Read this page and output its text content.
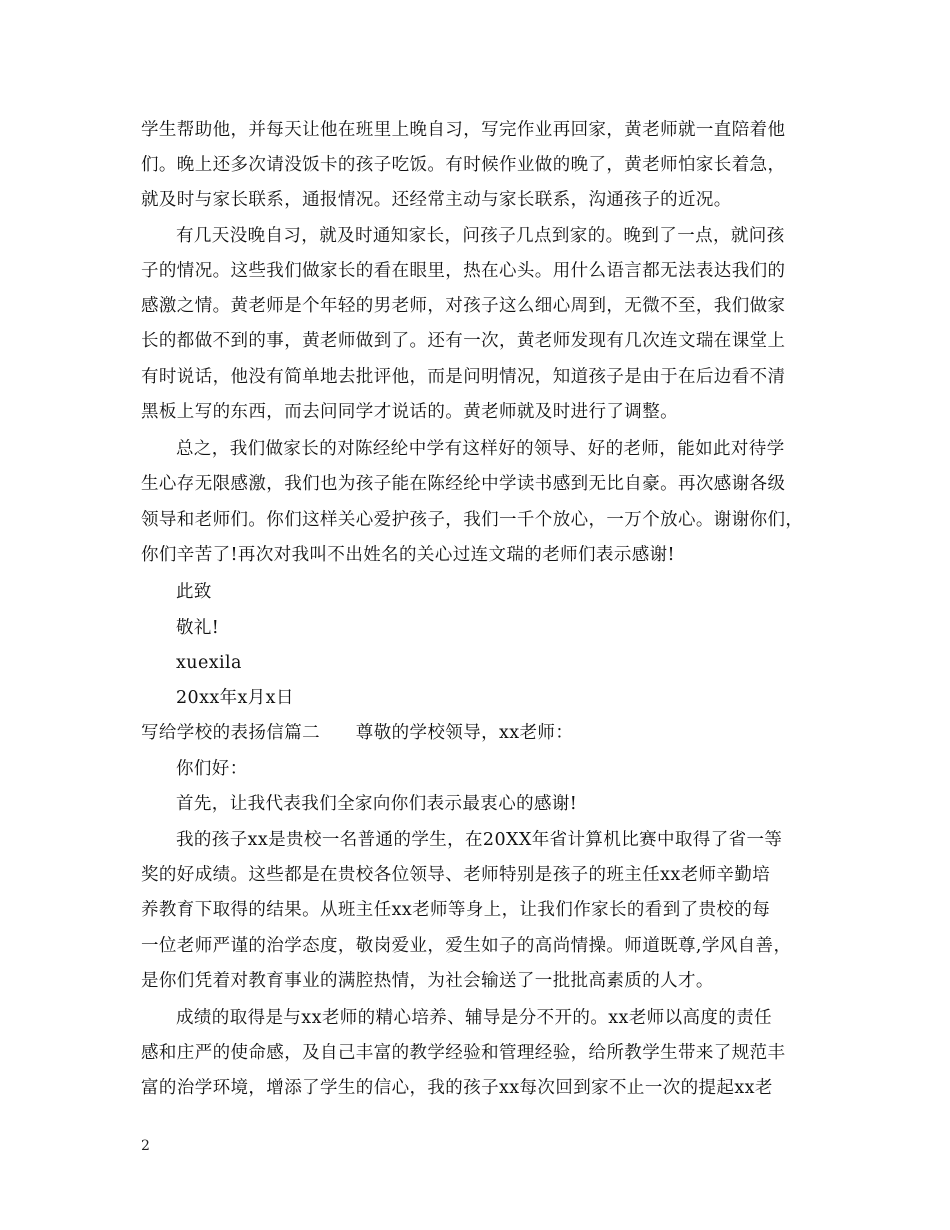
学生帮助他，并每天让他在班里上晚自习，写完作业再回家，黄老师就一直陪着他
们。晚上还多次请没饭卡的孩子吃饭。有时候作业做的晚了，黄老师怕家长着急，
就及时与家长联系，通报情况。还经常主动与家长联系，沟通孩子的近况。
有几天没晚自习，就及时通知家长，问孩子几点到家的。晚到了一点，就问孩
子的情况。这些我们做家长的看在眼里，热在心头。用什么语言都无法表达我们的
感激之情。黄老师是个年轻的男老师，对孩子这么细心周到，无微不至，我们做家
长的都做不到的事，黄老师做到了。还有一次，黄老师发现有几次连文瑞在课堂上
有时说话，他没有简单地去批评他，而是问明情况，知道孩子是由于在后边看不清
黑板上写的东西，而去问同学才说话的。黄老师就及时进行了调整。
总之，我们做家长的对陈经纶中学有这样好的领导、好的老师，能如此对待学
生心存无限感激，我们也为孩子能在陈经纶中学读书感到无比自豪。再次感谢各级
领导和老师们。你们这样关心爱护孩子，我们一千个放心，一万个放心。谢谢你们，
你们辛苦了!再次对我叫不出姓名的关心过连文瑞的老师们表示感谢!
此致
敬礼!
xuexila
20xx年x月x日
写给学校的表扬信篇二　　尊敬的学校领导，xx老师：
你们好：
首先，让我代表我们全家向你们表示最衷心的感谢!
我的孩子xx是贵校一名普通的学生，在20XX年省计算机比赛中取得了省一等
奖的好成绩。这些都是在贵校各位领导、老师特别是孩子的班主任xx老师辛勤培
养教育下取得的结果。从班主任xx老师等身上，让我们作家长的看到了贵校的每
一位老师严谨的治学态度，敬岗爱业，爱生如子的高尚情操。师道既尊,学风自善，
是你们凭着对教育事业的满腔热情，为社会输送了一批批高素质的人才。
成绩的取得是与xx老师的精心培养、辅导是分不开的。xx老师以高度的责任
感和庄严的使命感，及自己丰富的教学经验和管理经验，给所教学生带来了规范丰
富的治学环境，增添了学生的信心，我的孩子xx每次回到家不止一次的提起xx老
2
